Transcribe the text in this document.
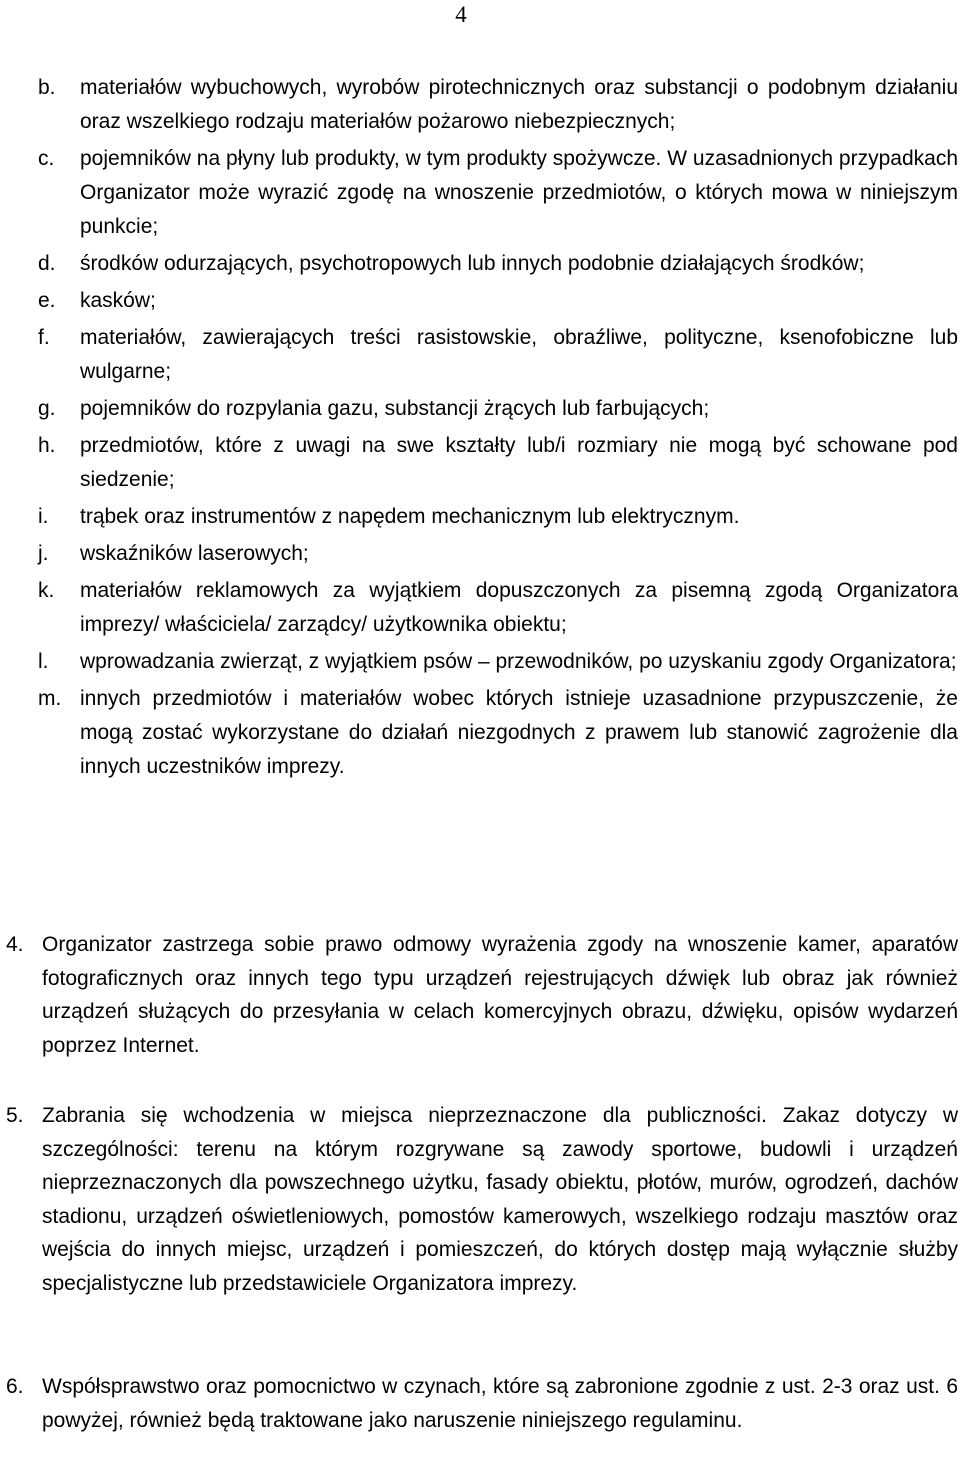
4
b.	materiałów wybuchowych, wyrobów pirotechnicznych oraz substancji o podobnym działaniu oraz wszelkiego rodzaju materiałów pożarowo niebezpiecznych;
c.	pojemników na płyny lub produkty, w tym produkty spożywcze. W uzasadnionych przypadkach Organizator może wyrazić zgodę na wnoszenie przedmiotów, o których mowa w niniejszym punkcie;
d.	środków odurzających, psychotropowych lub innych podobnie działających środków;
e.	kasków;
f.	materiałów, zawierających treści rasistowskie, obraźliwe, polityczne, ksenofobiczne lub wulgarne;
g.	pojemników do rozpylania gazu, substancji żrących lub farbujących;
h.	przedmiotów, które z uwagi na swe kształty lub/i rozmiary nie mogą być schowane pod siedzenie;
i.	trąbek oraz instrumentów z napędem mechanicznym lub elektrycznym.
j.	wskaźników laserowych;
k.	materiałów reklamowych za wyjątkiem dopuszczonych za pisemną zgodą Organizatora imprezy/ właściciela/ zarządcy/ użytkownika obiektu;
l.	wprowadzania zwierząt, z wyjątkiem psów – przewodników, po uzyskaniu zgody Organizatora;
m. innych przedmiotów i materiałów wobec których istnieje uzasadnione przypuszczenie, że mogą zostać wykorzystane do działań niezgodnych z prawem lub stanowić zagrożenie dla innych uczestników imprezy.
4. Organizator zastrzega sobie prawo odmowy wyrażenia zgody na wnoszenie kamer, aparatów fotograficznych oraz innych tego typu urządzeń rejestrujących dźwięk lub obraz jak również urządzeń służących do przesyłania w celach komercyjnych obrazu, dźwięku, opisów wydarzeń poprzez Internet.
5. Zabrania się wchodzenia w miejsca nieprzeznaczone dla publiczności. Zakaz dotyczy w szczególności: terenu na którym rozgrywane są zawody sportowe, budowli i urządzeń nieprzeznaczonych dla powszechnego użytku, fasady obiektu, płotów, murów, ogrodzeń, dachów stadionu, urządzeń oświetleniowych, pomostów kamerowych, wszelkiego rodzaju masztów oraz wejścia do innych miejsc, urządzeń i pomieszczeń, do których dostęp mają wyłącznie służby specjalistyczne lub przedstawiciele Organizatora imprezy.
6. Współsprawstwo oraz pomocnictwo w czynach, które są zabronione zgodnie z ust. 2-3 oraz ust. 6 powyżej, również będą traktowane jako naruszenie niniejszego regulaminu.
